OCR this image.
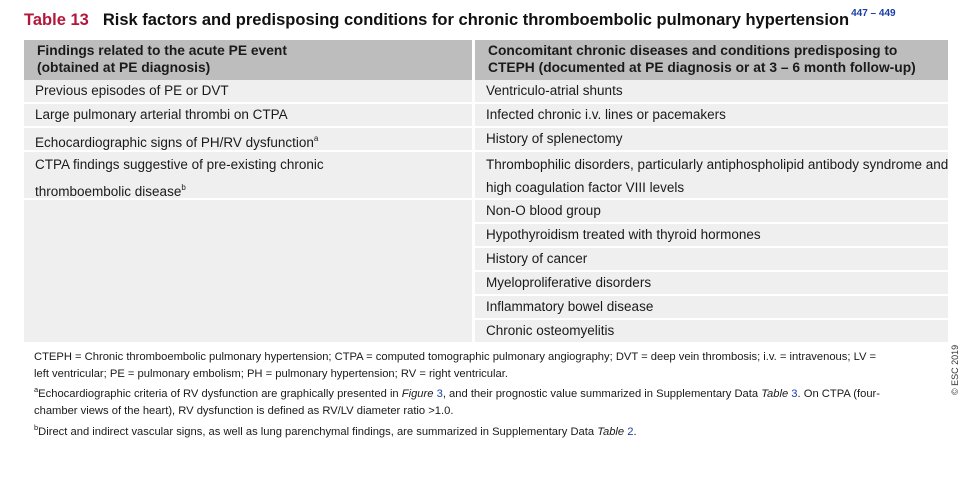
Table 13 Risk factors and predisposing conditions for chronic thromboembolic pulmonary hypertension $^{447 - 449}$
Findings related to the acute PE event
(obtained at PE diagnosis)
Concomitant chronic diseases and conditions predisposing to
CTEPH (documented at PE diagnosis or at 3 – 6 month follow-up)
Previous episodes of PE or DVT
Large pulmonary arterial thrombi on CTPA
Echocardiographic signs of PH/RV dysfunction$^a$
CTPA findings suggestive of pre-existing chronic
thromboembolic disease$^b$
Ventriculo-atrial shunts
Infected chronic i.v. lines or pacemakers
History of splenectomy
Thrombophilic disorders, particularly antiphospholipid antibody syndrome and
high coagulation factor VIII levels
Non-O blood group
Hypothyroidism treated with thyroid hormones
History of cancer
Myeloproliferative disorders
Inflammatory bowel disease
Chronic osteomyelitis
© ESC 2019

CTEPH = Chronic thromboembolic pulmonary hypertension; CTPA = computed tomographic pulmonary angiography; DVT = deep vein thrombosis; i.v. = intravenous; LV =

left ventricular; PE = pulmonary embolism; PH = pulmonary hypertension; RV = right ventricular.

$^a$Echocardiographic criteria of RV dysfunction are graphically presented in Figure 3, and their prognostic value summarized in Supplementary Data Table 3. On CTPA (four-

chamber views of the heart), RV dysfunction is defined as RV/LV diameter ratio >1.0.

$^b$Direct and indirect vascular signs, as well as lung parenchymal findings, are summarized in Supplementary Data Table 2.
